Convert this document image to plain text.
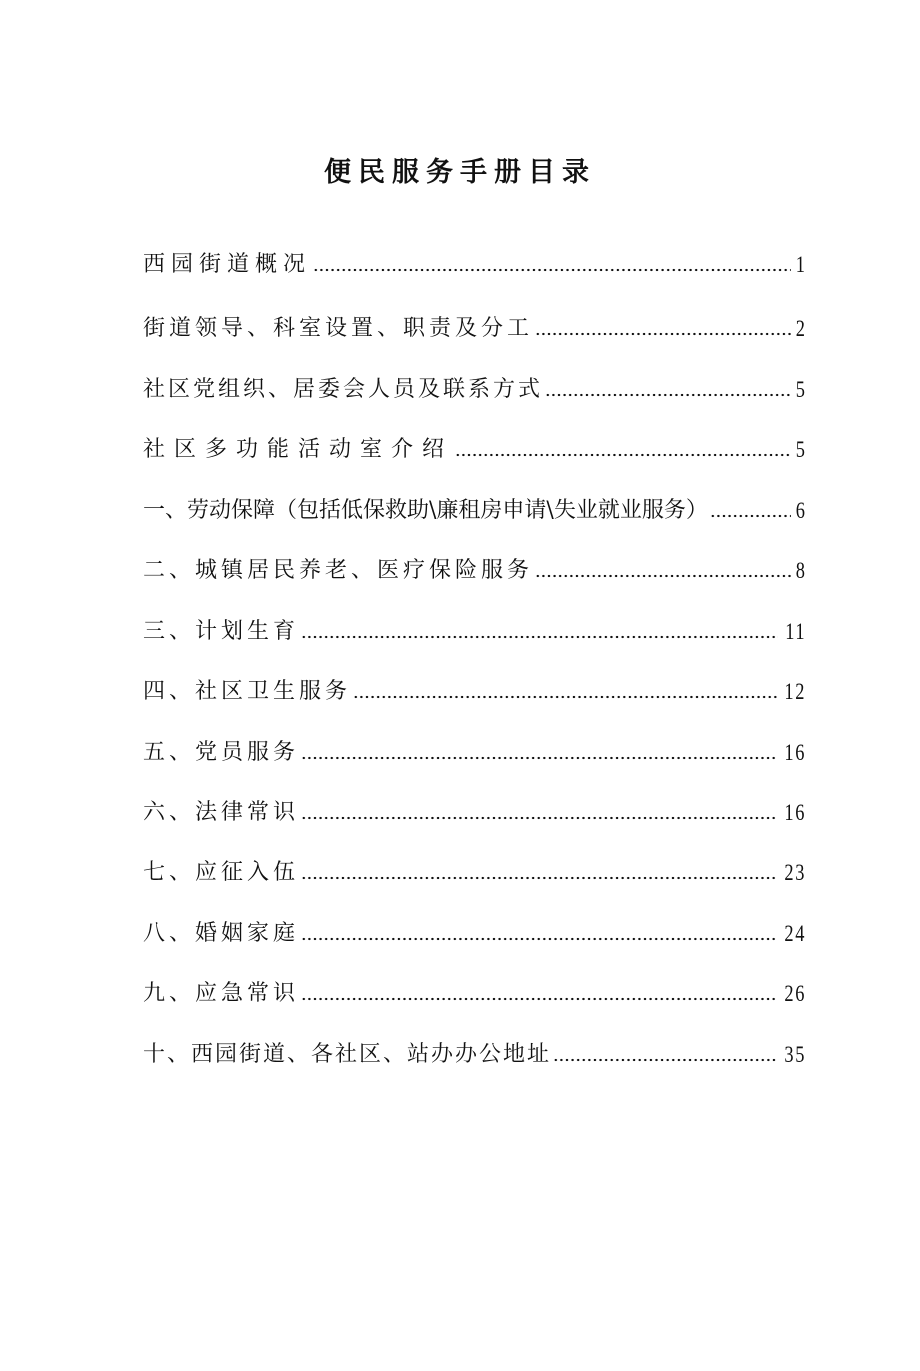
便民服务手册目录
西园街道概况	1
街道领导、科室设置、职责及分工	2
社区党组织、居委会人员及联系方式	5
社区多功能活动室介绍	5
一、劳动保障（包括低保救助\廉租房申请\失业就业服务）	6
二、城镇居民养老、医疗保险服务	8
三、计划生育	11
四、社区卫生服务	12
五、党员服务	16
六、法律常识	16
七、应征入伍	23
八、婚姻家庭	24
九、应急常识	26
十、西园街道、各社区、站办办公地址	35
